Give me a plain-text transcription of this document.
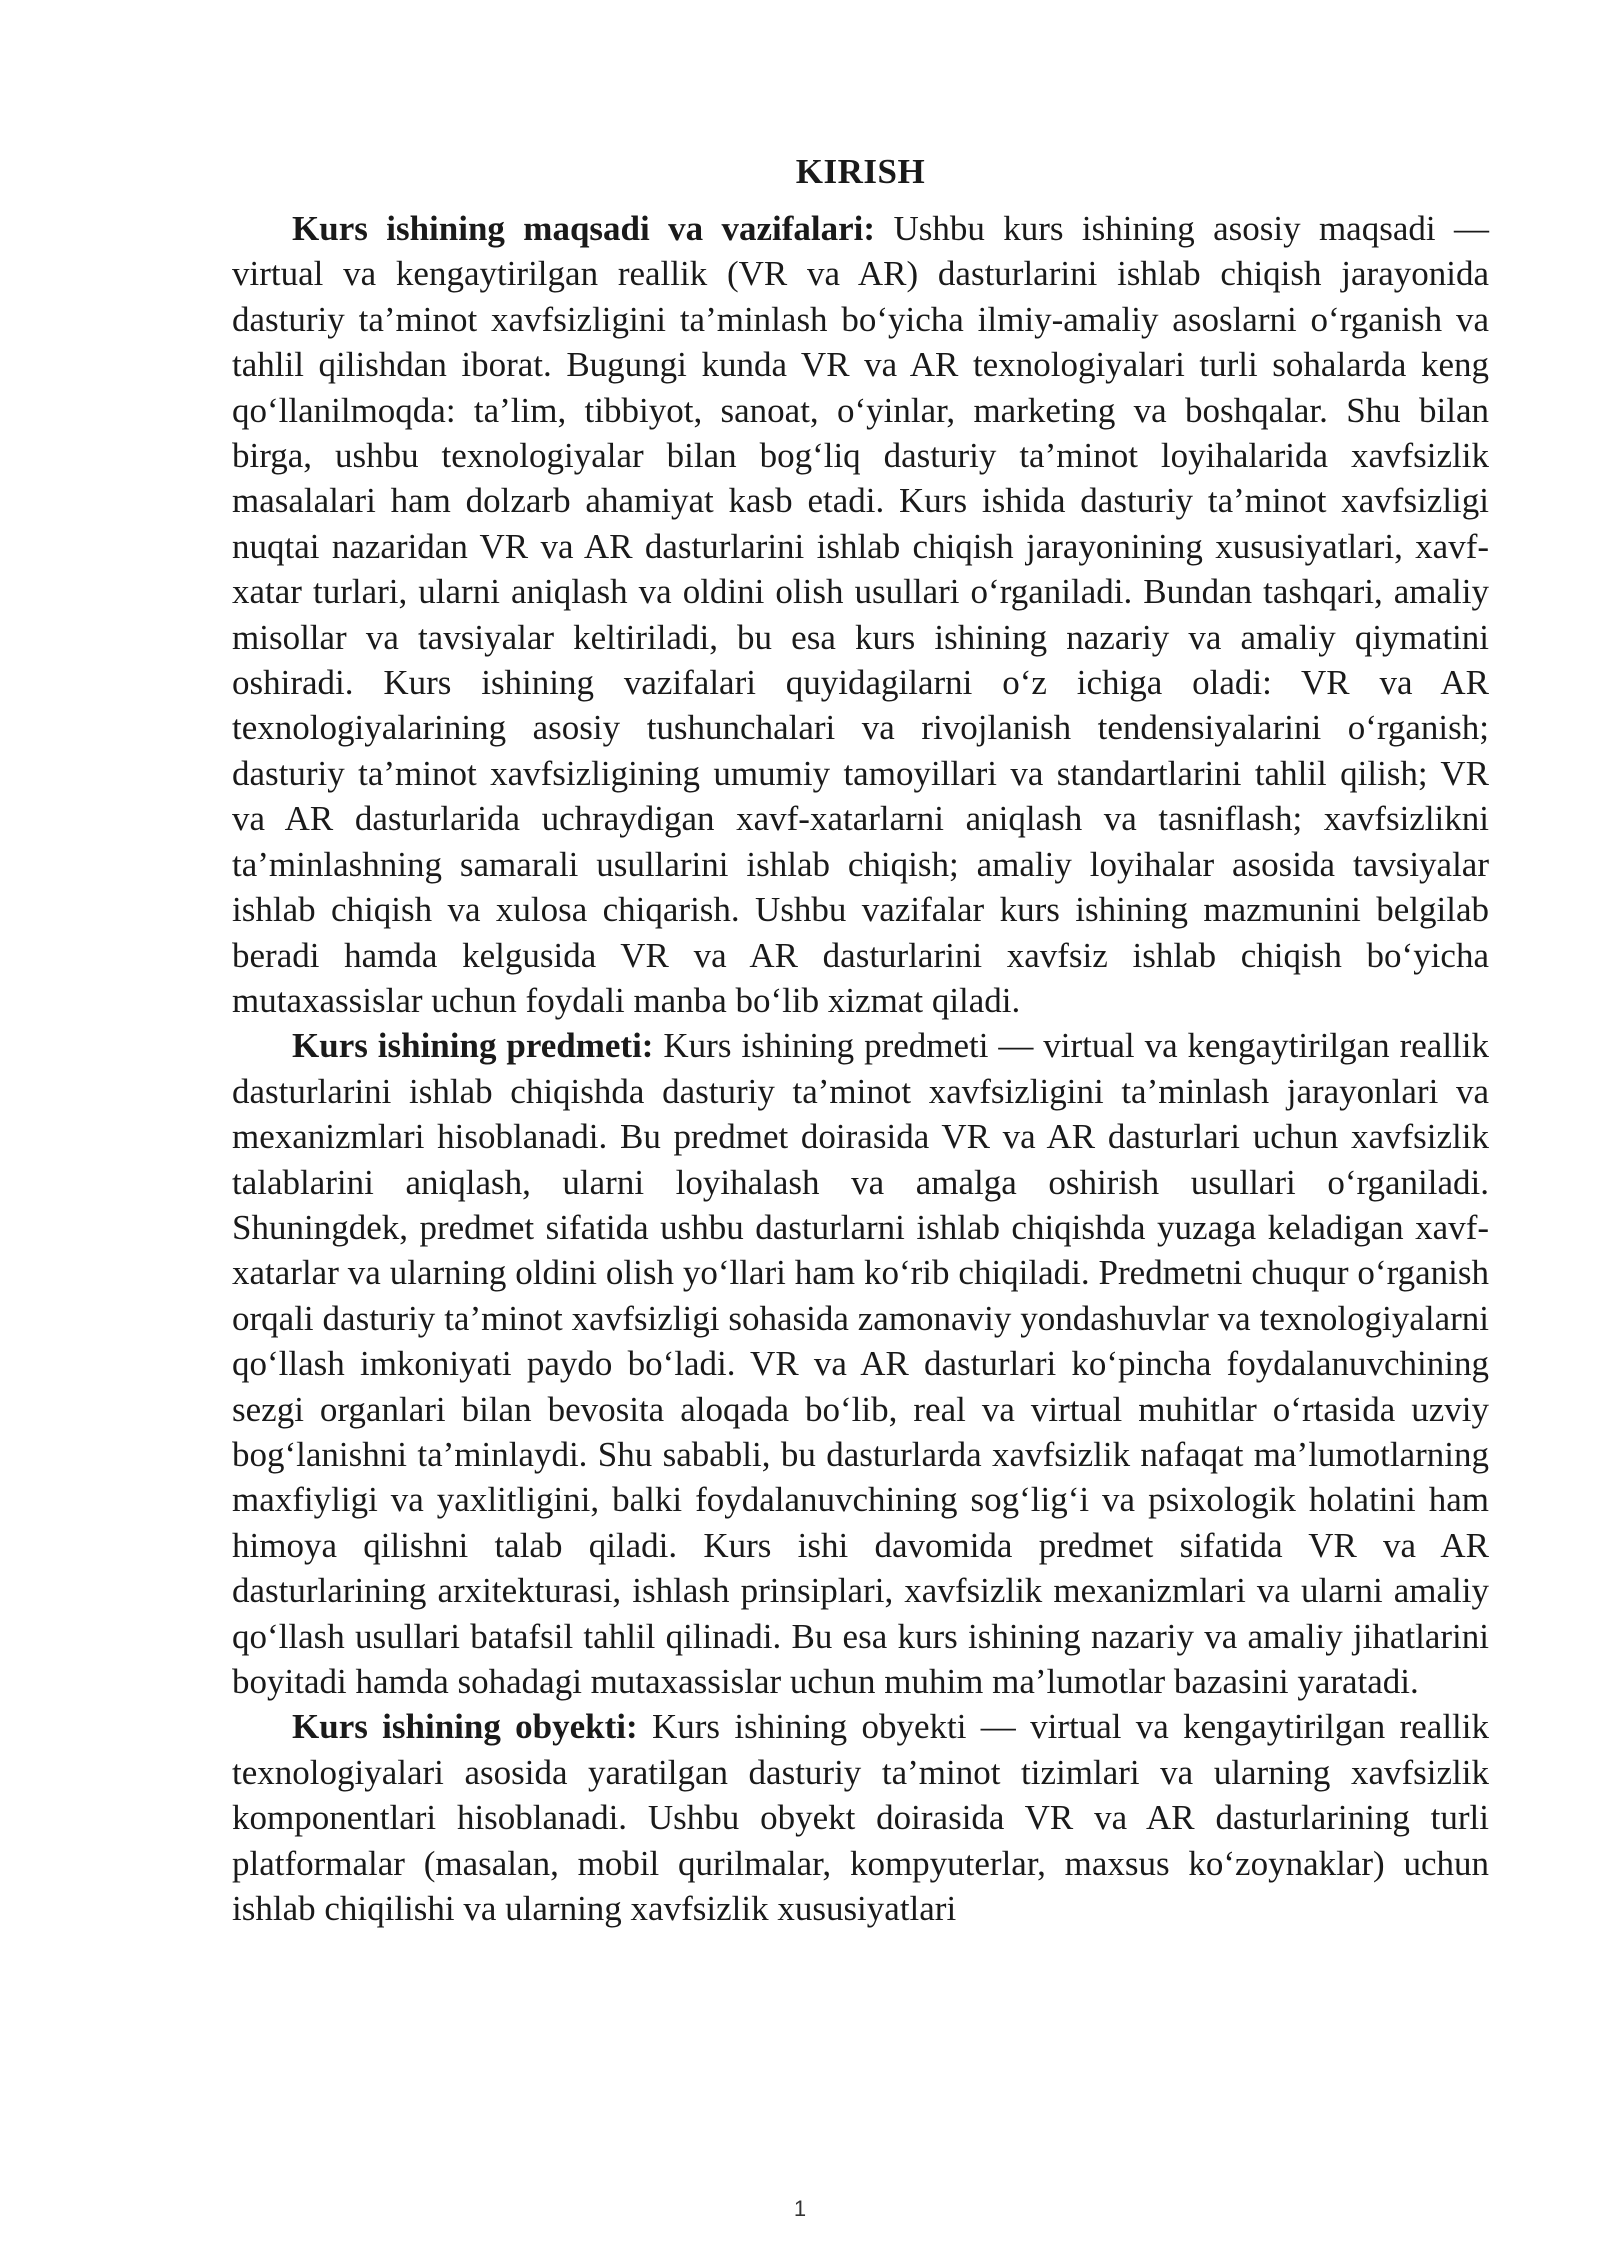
KIRISH

Kurs ishining maqsadi va vazifalari: Ushbu kurs ishining asosiy maqsadi — virtual va kengaytirilgan reallik (VR va AR) dasturlarini ishlab chiqish jarayonida dasturiy ta’minot xavfsizligini ta’minlash bo‘yicha ilmiy-amaliy asoslarni o‘rganish va tahlil qilishdan iborat. Bugungi kunda VR va AR texnologiyalari turli sohalarda keng qo‘llanilmoqda: ta’lim, tibbiyot, sanoat, o‘yinlar, marketing va boshqalar. Shu bilan birga, ushbu texnologiyalar bilan bog‘liq dasturiy ta’minot loyihalarida xavfsizlik masalalari ham dolzarb ahamiyat kasb etadi. Kurs ishida dasturiy ta’minot xavfsizligi nuqtai nazaridan VR va AR dasturlarini ishlab chiqish jarayonining xususiyatlari, xavf-xatar turlari, ularni aniqlash va oldini olish usullari o‘rganiladi. Bundan tashqari, amaliy misollar va tavsiyalar keltiriladi, bu esa kurs ishining nazariy va amaliy qiymatini oshiradi. Kurs ishining vazifalari quyidagilarni o‘z ichiga oladi: VR va AR texnologiyalarining asosiy tushunchalari va rivojlanish tendensiyalarini o‘rganish; dasturiy ta’minot xavfsizligining umumiy tamoyillari va standartlarini tahlil qilish; VR va AR dasturlarida uchraydigan xavf-xatarlarni aniqlash va tasniflash; xavfsizlikni ta’minlashning samarali usullarini ishlab chiqish; amaliy loyihalar asosida tavsiyalar ishlab chiqish va xulosa chiqarish. Ushbu vazifalar kurs ishining mazmunini belgilab beradi hamda kelgusida VR va AR dasturlarini xavfsiz ishlab chiqish bo‘yicha mutaxassislar uchun foydali manba bo‘lib xizmat qiladi.

Kurs ishining predmeti: Kurs ishining predmeti — virtual va kengaytirilgan reallik dasturlarini ishlab chiqishda dasturiy ta’minot xavfsizligini ta’minlash jarayonlari va mexanizmlari hisoblanadi. Bu predmet doirasida VR va AR dasturlari uchun xavfsizlik talablarini aniqlash, ularni loyihalash va amalga oshirish usullari o‘rganiladi. Shuningdek, predmet sifatida ushbu dasturlarni ishlab chiqishda yuzaga keladigan xavf-xatarlar va ularning oldini olish yo‘llari ham ko‘rib chiqiladi. Predmetni chuqur o‘rganish orqali dasturiy ta’minot xavfsizligi sohasida zamonaviy yondashuvlar va texnologiyalarni qo‘llash imkoniyati paydo bo‘ladi. VR va AR dasturlari ko‘pincha foydalanuvchining sezgi organlari bilan bevosita aloqada bo‘lib, real va virtual muhitlar o‘rtasida uzviy bog‘lanishni ta’minlaydi. Shu sababli, bu dasturlarda xavfsizlik nafaqat ma’lumotlarning maxfiyligi va yaxlitligini, balki foydalanuvchining sog‘lig‘i va psixologik holatini ham himoya qilishni talab qiladi. Kurs ishi davomida predmet sifatida VR va AR dasturlarining arxitekturasi, ishlash prinsiplari, xavfsizlik mexanizmlari va ularni amaliy qo‘llash usullari batafsil tahlil qilinadi. Bu esa kurs ishining nazariy va amaliy jihatlarini boyitadi hamda sohadagi mutaxassislar uchun muhim ma’lumotlar bazasini yaratadi.

Kurs ishining obyekti: Kurs ishining obyekti — virtual va kengaytirilgan reallik texnologiyalari asosida yaratilgan dasturiy ta’minot tizimlari va ularning xavfsizlik komponentlari hisoblanadi. Ushbu obyekt doirasida VR va AR dasturlarining turli platformalar (masalan, mobil qurilmalar, kompyuterlar, maxsus ko‘zoynaklar) uchun ishlab chiqilishi va ularning xavfsizlik xususiyatlari

1
